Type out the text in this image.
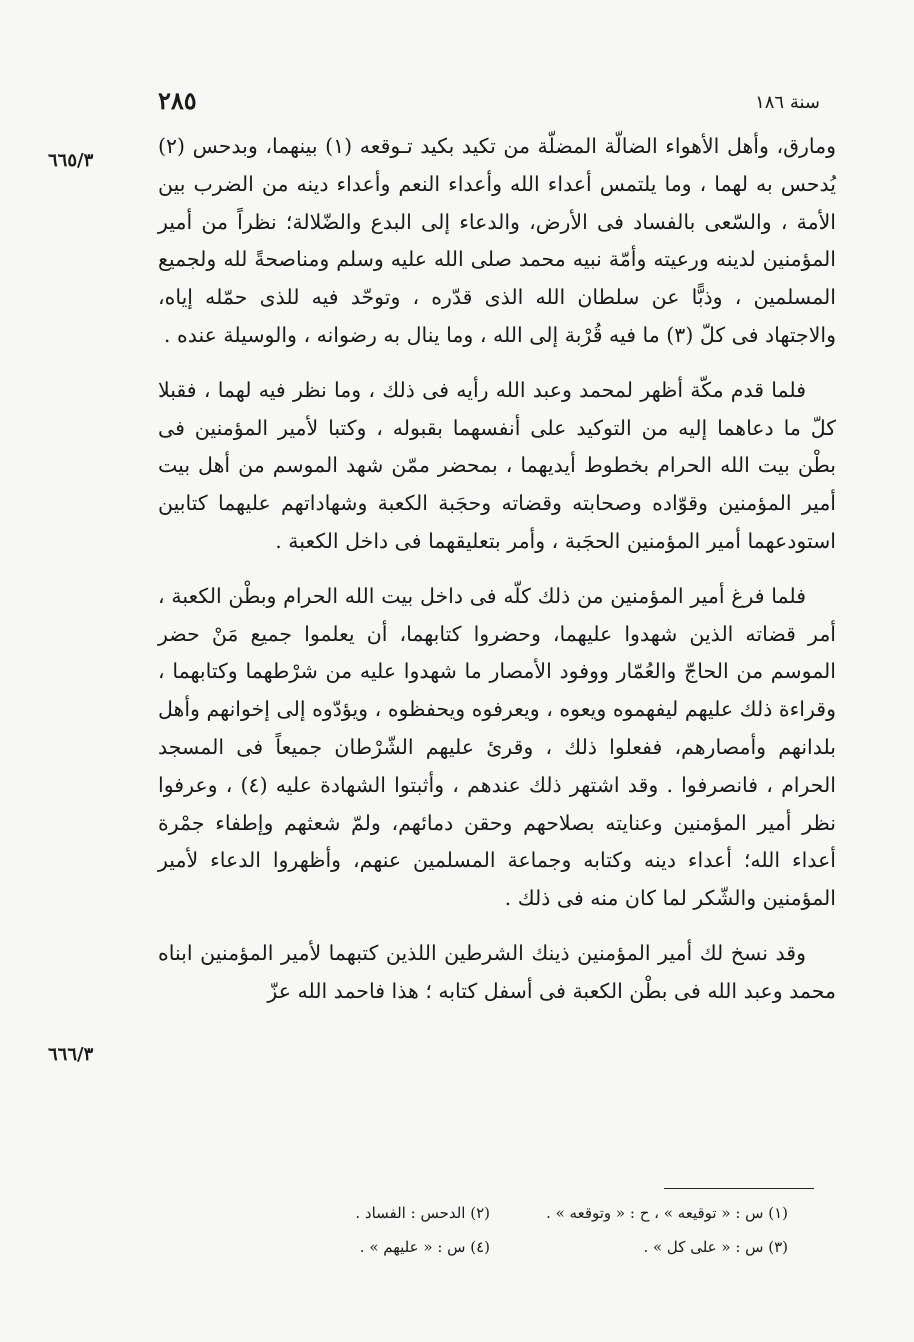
٢٨٥	سنة ١٨٦
٦٦٥/٣
٦٦٦/٣

ومارق، وأهل الأهواء الضالّة المضلّة من تكيد بكيد تـوقعه (١) بينهما، وبدحس (٢) يُدحس به لهما ، وما يلتمس أعداء الله وأعداء النعم وأعداء دينه من الضرب بين الأمة ، والسّعى بالفساد فى الأرض، والدعاء إلى البدع والضّلالة؛ نظراً من أمير المؤمنين لدينه ورعيته وأمّة نبيه محمد صلى الله عليه وسلم ومناصحةً لله ولجميع المسلمين ، وذبًّا عن سلطان الله الذى قدّره ، وتوحّد فيه للذى حمّله إياه، والاجتهاد فى كلّ (٣) ما فيه قُرْبة إلى الله ، وما ينال به رضوانه ، والوسيلة عنده .

فلما قدم مكّة أظهر لمحمد وعبد الله رأيه فى ذلك ، وما نظر فيه لهما ، فقبلا كلّ ما دعاهما إليه من التوكيد على أنفسهما بقبوله ، وكتبا لأمير المؤمنين فى بطْن بيت الله الحرام بخطوط أيديهما ، بمحضر ممّن شهد الموسم من أهل بيت أمير المؤمنين وقوّاده وصحابته وقضاته وحجَبة الكعبة وشهاداتهم عليهما كتابين استودعهما أمير المؤمنين الحجَبة ، وأمر بتعليقهما فى داخل الكعبة .

فلما فرغ أمير المؤمنين من ذلك كلّه فى داخل بيت الله الحرام وبطْن الكعبة ، أمر قضاته الذين شهدوا عليهما، وحضروا كتابهما، أن يعلموا جميع مَنْ حضر الموسم من الحاجّ والعُمّار ووفود الأمصار ما شهدوا عليه من شرْطهما وكتابهما ، وقراءة ذلك عليهم ليفهموه ويعوه ، ويعرفوه ويحفظوه ، ويؤدّوه إلى إخوانهم وأهل بلدانهم وأمصارهم، ففعلوا ذلك ، وقرئ عليهم الشّرْطان جميعاً فى المسجد الحرام ، فانصرفوا . وقد اشتهر ذلك عندهم ، وأثبتوا الشهادة عليه (٤) ، وعرفوا نظر أمير المؤمنين وعنايته بصلاحهم وحقن دمائهم، ولمّ شعثهم وإطفاء جمْرة أعداء الله؛ أعداء دينه وكتابه وجماعة المسلمين عنهم، وأظهروا الدعاء لأمير المؤمنين والشّكر لما كان منه فى ذلك .

وقد نسخ لك أمير المؤمنين ذينك الشرطين اللذين كتبهما لأمير المؤمنين ابناه محمد وعبد الله فى بطْن الكعبة فى أسفل كتابه ؛ هذا فاحمد الله عزّ

(١) س : « توقيعه » ، ح : « وتوقعه » .
(٢) الدحس : الفساد .
(٣) س : « على كل » .
(٤) س : « عليهم » .
